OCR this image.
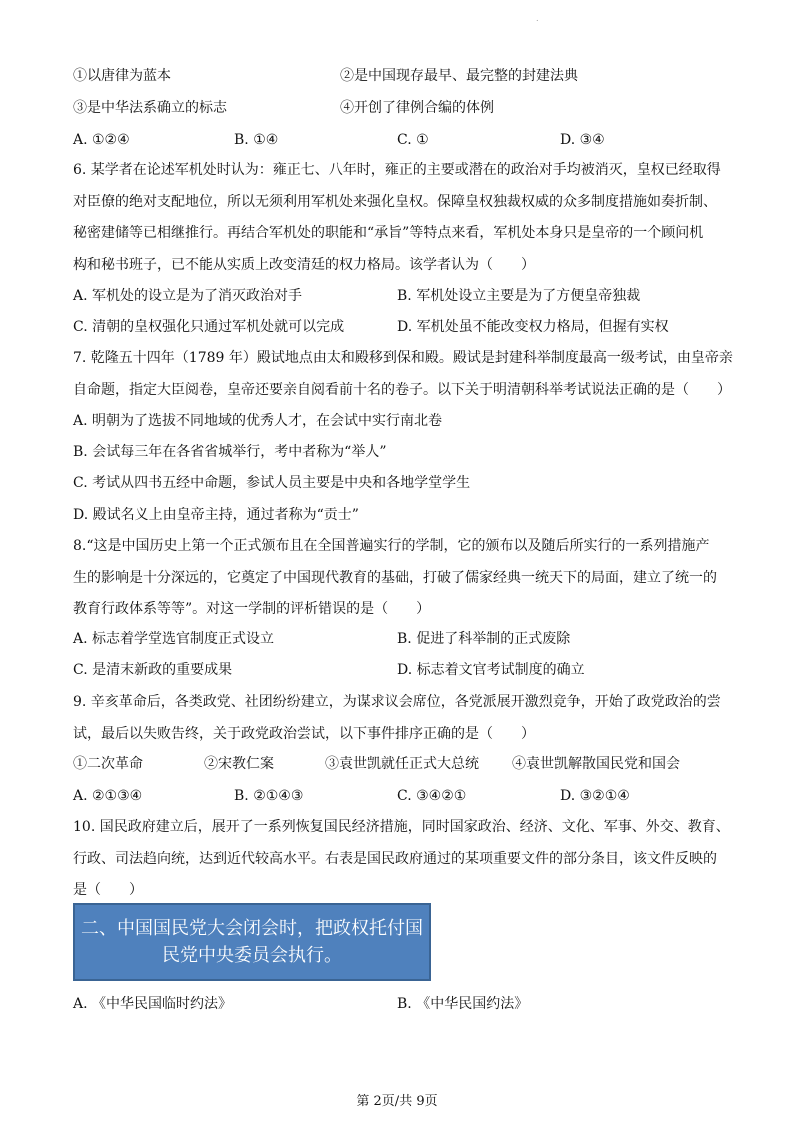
.
①以唐律为蓝本	②是中国现存最早、最完整的封建法典
③是中华法系确立的标志	④开创了律例合编的体例
A. ①②④	B. ①④	C. ①	D. ③④
6. 某学者在论述军机处时认为：雍正七、八年时，雍正的主要或潜在的政治对手均被消灭，皇权已经取得
对臣僚的绝对支配地位，所以无须利用军机处来强化皇权。保障皇权独裁权威的众多制度措施如奏折制、
秘密建储等已相继推行。再结合军机处的职能和“承旨”等特点来看，军机处本身只是皇帝的一个顾问机
构和秘书班子，已不能从实质上改变清廷的权力格局。该学者认为（　　）
A. 军机处的设立是为了消灭政治对手	B. 军机处设立主要是为了方便皇帝独裁
C. 清朝的皇权强化只通过军机处就可以完成	D. 军机处虽不能改变权力格局，但握有实权
7. 乾隆五十四年（1789 年）殿试地点由太和殿移到保和殿。殿试是封建科举制度最高一级考试，由皇帝亲
自命题，指定大臣阅卷，皇帝还要亲自阅看前十名的卷子。以下关于明清朝科举考试说法正确的是（　　）
A. 明朝为了选拔不同地域的优秀人才，在会试中实行南北卷
B. 会试每三年在各省省城举行，考中者称为“举人”
C. 考试从四书五经中命题，参试人员主要是中央和各地学堂学生
D. 殿试名义上由皇帝主持，通过者称为“贡士”
8.“这是中国历史上第一个正式颁布且在全国普遍实行的学制，它的颁布以及随后所实行的一系列措施产
生的影响是十分深远的，它奠定了中国现代教育的基础，打破了儒家经典一统天下的局面，建立了统一的
教育行政体系等等”。对这一学制的评析错误的是（　　）
A. 标志着学堂选官制度正式设立	B. 促进了科举制的正式废除
C. 是清末新政的重要成果	D. 标志着文官考试制度的确立
9. 辛亥革命后，各类政党、社团纷纷建立，为谋求议会席位，各党派展开激烈竞争，开始了政党政治的尝
试，最后以失败告终，关于政党政治尝试，以下事件排序正确的是（　　）
①二次革命	②宋教仁案	③袁世凯就任正式大总统 ④袁世凯解散国民党和国会
A. ②①③④	B. ②①④③	C. ③④②①	D. ③②①④
10. 国民政府建立后，展开了一系列恢复国民经济措施，同时国家政治、经济、文化、军事、外交、教育、
行政、司法趋向统，达到近代较高水平。右表是国民政府通过的某项重要文件的部分条目，该文件反映的
是（　　）
二、中国国民党大会闭会时，把政权托付国
民党中央委员会执行。
A. 《中华民国临时约法》	B. 《中华民国约法》
第 2页/共 9页
